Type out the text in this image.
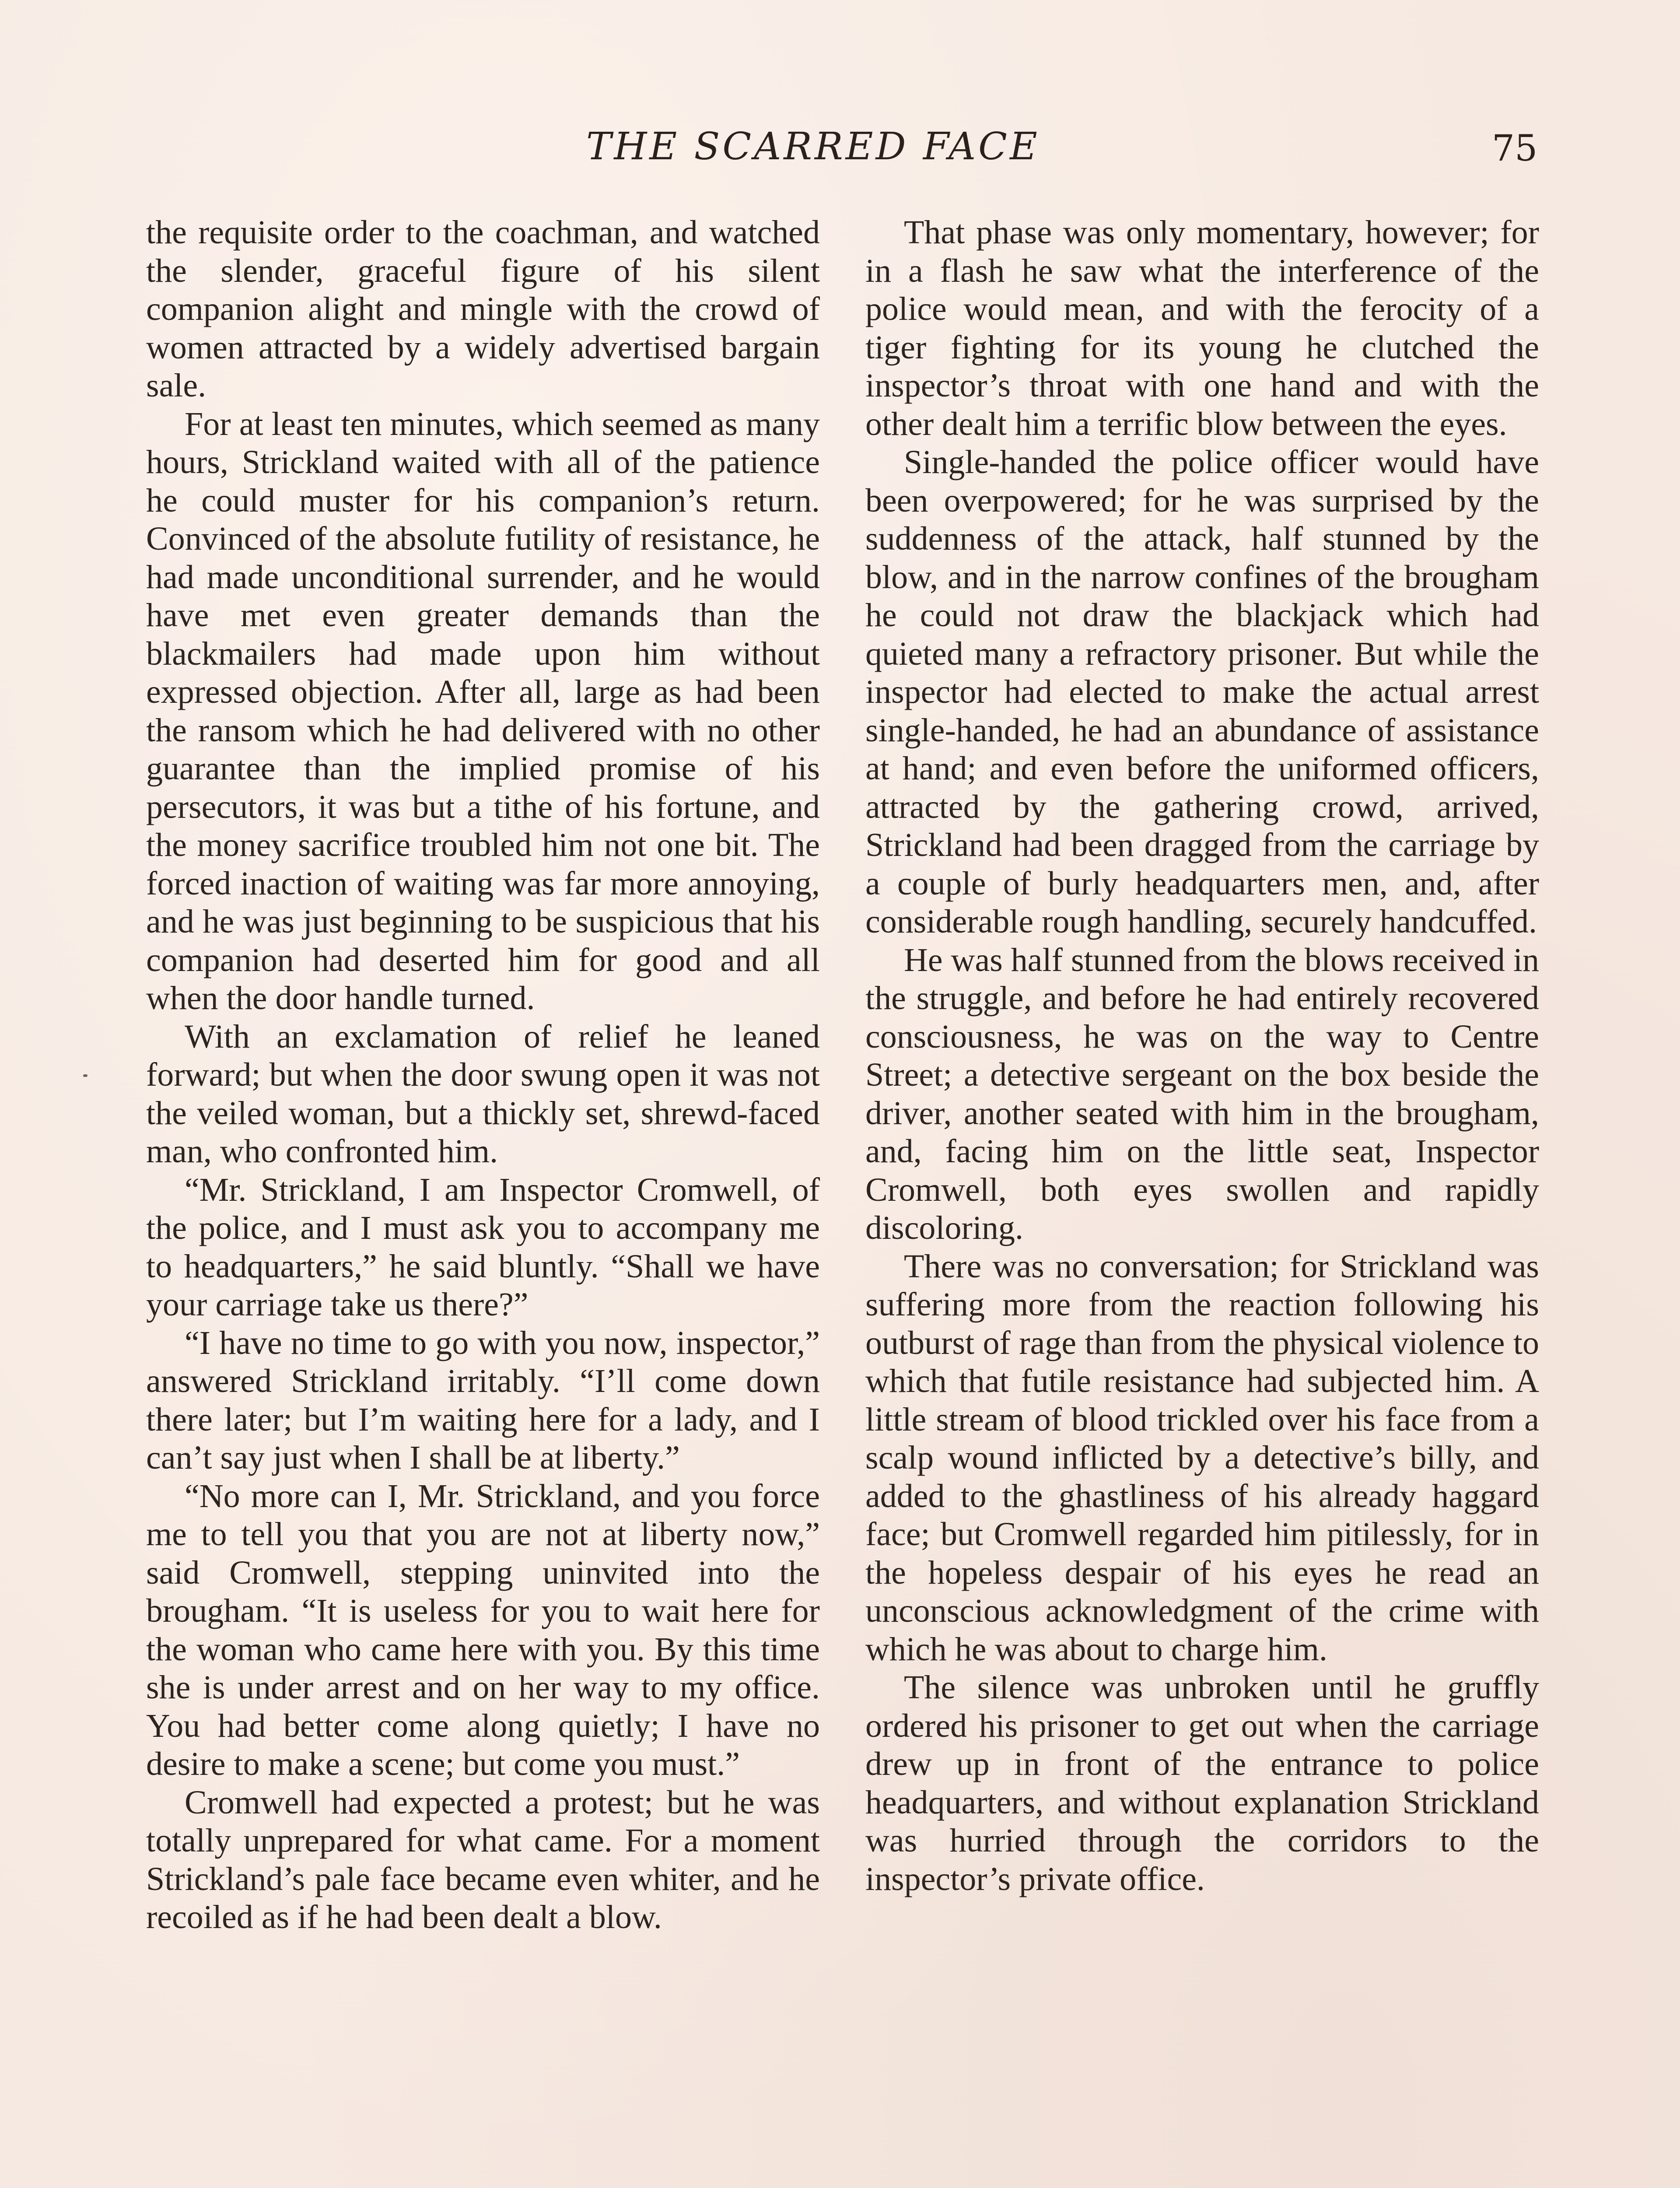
THE SCARRED FACE	75

the requisite order to the coachman, and watched the slender, graceful figure of his silent companion alight and mingle with the crowd of women attracted by a widely advertised bargain sale.

For at least ten minutes, which seemed as many hours, Strickland waited with all of the patience he could muster for his companion’s return. Convinced of the absolute futility of resistance, he had made unconditional surrender, and he would have met even greater demands than the blackmailers had made upon him without expressed objection. After all, large as had been the ransom which he had delivered with no other guarantee than the implied promise of his persecutors, it was but a tithe of his fortune, and the money sacrifice troubled him not one bit. The forced inaction of waiting was far more annoying, and he was just beginning to be suspicious that his companion had deserted him for good and all when the door handle turned.

With an exclamation of relief he leaned forward; but when the door swung open it was not the veiled woman, but a thickly set, shrewd-faced man, who confronted him.

“Mr. Strickland, I am Inspector Cromwell, of the police, and I must ask you to accompany me to headquarters,” he said bluntly. “Shall we have your carriage take us there?”

“I have no time to go with you now, inspector,” answered Strickland irritably. “I’ll come down there later; but I’m waiting here for a lady, and I can’t say just when I shall be at liberty.”

“No more can I, Mr. Strickland, and you force me to tell you that you are not at liberty now,” said Cromwell, stepping uninvited into the brougham. “It is useless for you to wait here for the woman who came here with you. By this time she is under arrest and on her way to my office. You had better come along quietly; I have no desire to make a scene; but come you must.”

Cromwell had expected a protest; but he was totally unprepared for what came. For a moment Strickland’s pale face became even whiter, and he recoiled as if he had been dealt a blow.

That phase was only momentary, however; for in a flash he saw what the interference of the police would mean, and with the ferocity of a tiger fighting for its young he clutched the inspector’s throat with one hand and with the other dealt him a terrific blow between the eyes.

Single-handed the police officer would have been overpowered; for he was surprised by the suddenness of the attack, half stunned by the blow, and in the narrow confines of the brougham he could not draw the blackjack which had quieted many a refractory prisoner. But while the inspector had elected to make the actual arrest single-handed, he had an abundance of assistance at hand; and even before the uniformed officers, attracted by the gathering crowd, arrived, Strickland had been dragged from the carriage by a couple of burly headquarters men, and, after considerable rough handling, securely handcuffed.

He was half stunned from the blows received in the struggle, and before he had entirely recovered consciousness, he was on the way to Centre Street; a detective sergeant on the box beside the driver, another seated with him in the brougham, and, facing him on the little seat, Inspector Cromwell, both eyes swollen and rapidly discoloring.

There was no conversation; for Strickland was suffering more from the reaction following his outburst of rage than from the physical violence to which that futile resistance had subjected him. A little stream of blood trickled over his face from a scalp wound inflicted by a detective’s billy, and added to the ghastliness of his already haggard face; but Cromwell regarded him pitilessly, for in the hopeless despair of his eyes he read an unconscious acknowledgment of the crime with which he was about to charge him.

The silence was unbroken until he gruffly ordered his prisoner to get out when the carriage drew up in front of the entrance to police headquarters, and without explanation Strickland was hurried through the corridors to the inspector’s private office.
